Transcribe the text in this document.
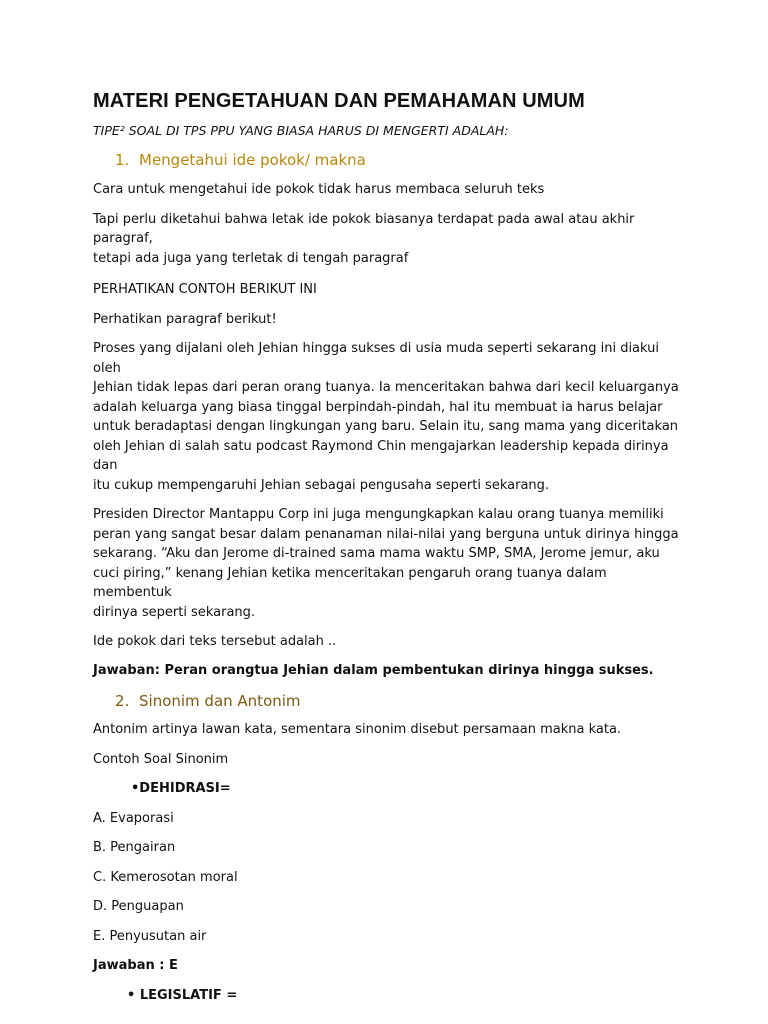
MATERI PENGETAHUAN DAN PEMAHAMAN UMUM

TIPE² SOAL DI TPS PPU YANG BIASA HARUS DI MENGERTI ADALAH:

1. Mengetahui ide pokok/ makna

Cara untuk mengetahui ide pokok tidak harus membaca seluruh teks

Tapi perlu diketahui bahwa letak ide pokok biasanya terdapat pada awal atau akhir paragraf,

tetapi ada juga yang terletak di tengah paragraf

PERHATIKAN CONTOH BERIKUT INI

Perhatikan paragraf berikut!

Proses yang dijalani oleh Jehian hingga sukses di usia muda seperti sekarang ini diakui oleh

Jehian tidak lepas dari peran orang tuanya. Ia menceritakan bahwa dari kecil keluarganya

adalah keluarga yang biasa tinggal berpindah-pindah, hal itu membuat ia harus belajar

untuk beradaptasi dengan lingkungan yang baru. Selain itu, sang mama yang diceritakan

oleh Jehian di salah satu podcast Raymond Chin mengajarkan leadership kepada dirinya dan

itu cukup mempengaruhi Jehian sebagai pengusaha seperti sekarang.

Presiden Director Mantappu Corp ini juga mengungkapkan kalau orang tuanya memiliki

peran yang sangat besar dalam penanaman nilai-nilai yang berguna untuk dirinya hingga

sekarang. “Aku dan Jerome di-trained sama mama waktu SMP, SMA, Jerome jemur, aku

cuci piring,” kenang Jehian ketika menceritakan pengaruh orang tuanya dalam membentuk

dirinya seperti sekarang.

Ide pokok dari teks tersebut adalah ..

Jawaban: Peran orangtua Jehian dalam pembentukan dirinya hingga sukses.

2. Sinonim dan Antonim

Antonim artinya lawan kata, sementara sinonim disebut persamaan makna kata.

Contoh Soal Sinonim

•DEHIDRASI=

A. Evaporasi

B. Pengairan

C. Kemerosotan moral

D. Penguapan

E. Penyusutan air

Jawaban : E

• LEGISLATIF =
